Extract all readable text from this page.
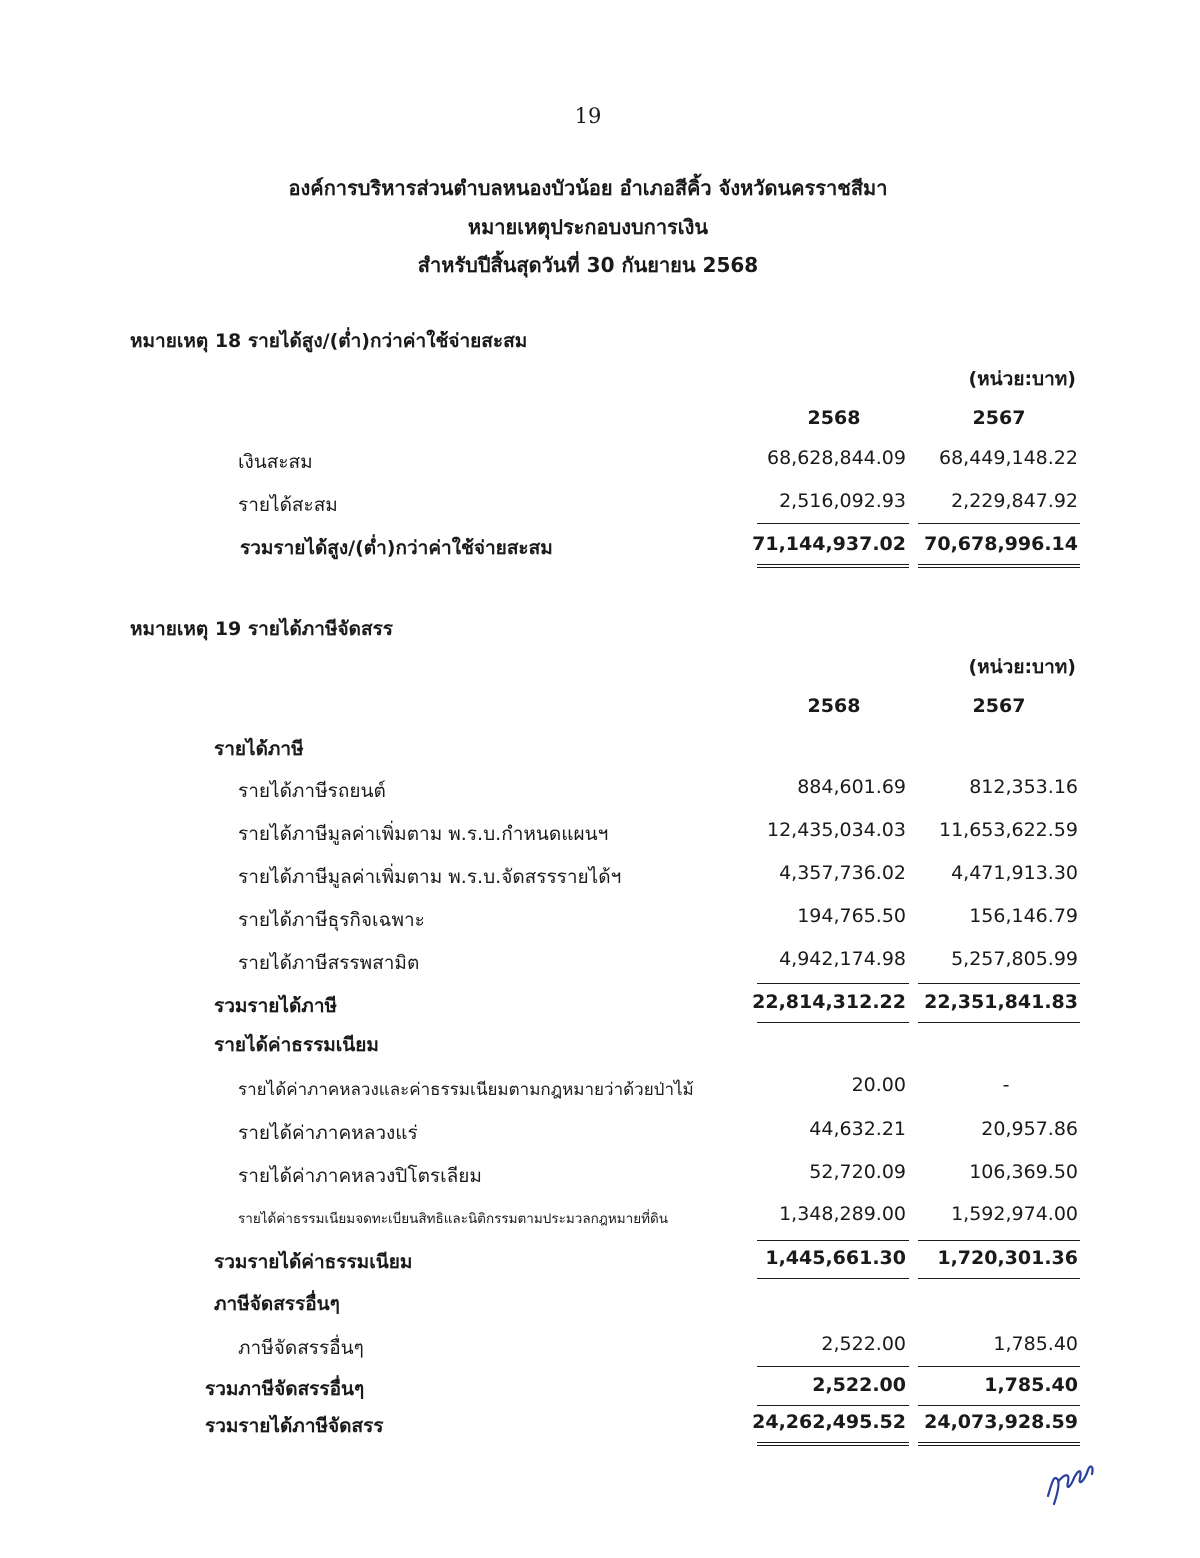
19
องค์การบริหารส่วนตำบลหนองบัวน้อย อำเภอสีคิ้ว จังหวัดนครราชสีมา
หมายเหตุประกอบงบการเงิน
สำหรับปีสิ้นสุดวันที่ 30 กันยายน 2568
หมายเหตุ 18 รายได้สูง/(ต่ำ)กว่าค่าใช้จ่ายสะสม
(หน่วย:บาท)
2568	2567
เงินสะสม	68,628,844.09	68,449,148.22
รายได้สะสม	2,516,092.93	2,229,847.92
รวมรายได้สูง/(ต่ำ)กว่าค่าใช้จ่ายสะสม	71,144,937.02 70,678,996.14
หมายเหตุ 19 รายได้ภาษีจัดสรร
(หน่วย:บาท)
2568	2567
รายได้ภาษี
รายได้ภาษีรถยนต์	884,601.69	812,353.16
รายได้ภาษีมูลค่าเพิ่มตาม พ.ร.บ.กำหนดแผนฯ	12,435,034.03	11,653,622.59
รายได้ภาษีมูลค่าเพิ่มตาม พ.ร.บ.จัดสรรรายได้ฯ	4,357,736.02	4,471,913.30
รายได้ภาษีธุรกิจเฉพาะ	194,765.50	156,146.79
รายได้ภาษีสรรพสามิต	4,942,174.98	5,257,805.99
รวมรายได้ภาษี	22,814,312.22 22,351,841.83
รายได้ค่าธรรมเนียม
รายได้ค่าภาคหลวงและค่าธรรมเนียมตามกฎหมายว่าด้วยป่าไม้	20.00	-
รายได้ค่าภาคหลวงแร่	44,632.21	20,957.86
รายได้ค่าภาคหลวงปิโตรเลียม	52,720.09	106,369.50
รายได้ค่าธรรมเนียมจดทะเบียนสิทธิและนิติกรรมตามประมวลกฎหมายที่ดิน	1,348,289.00	1,592,974.00
รวมรายได้ค่าธรรมเนียม	1,445,661.30	1,720,301.36
ภาษีจัดสรรอื่นๆ
ภาษีจัดสรรอื่นๆ	2,522.00	1,785.40
รวมภาษีจัดสรรอื่นๆ	2,522.00	1,785.40
รวมรายได้ภาษีจัดสรร	24,262,495.52 24,073,928.59
